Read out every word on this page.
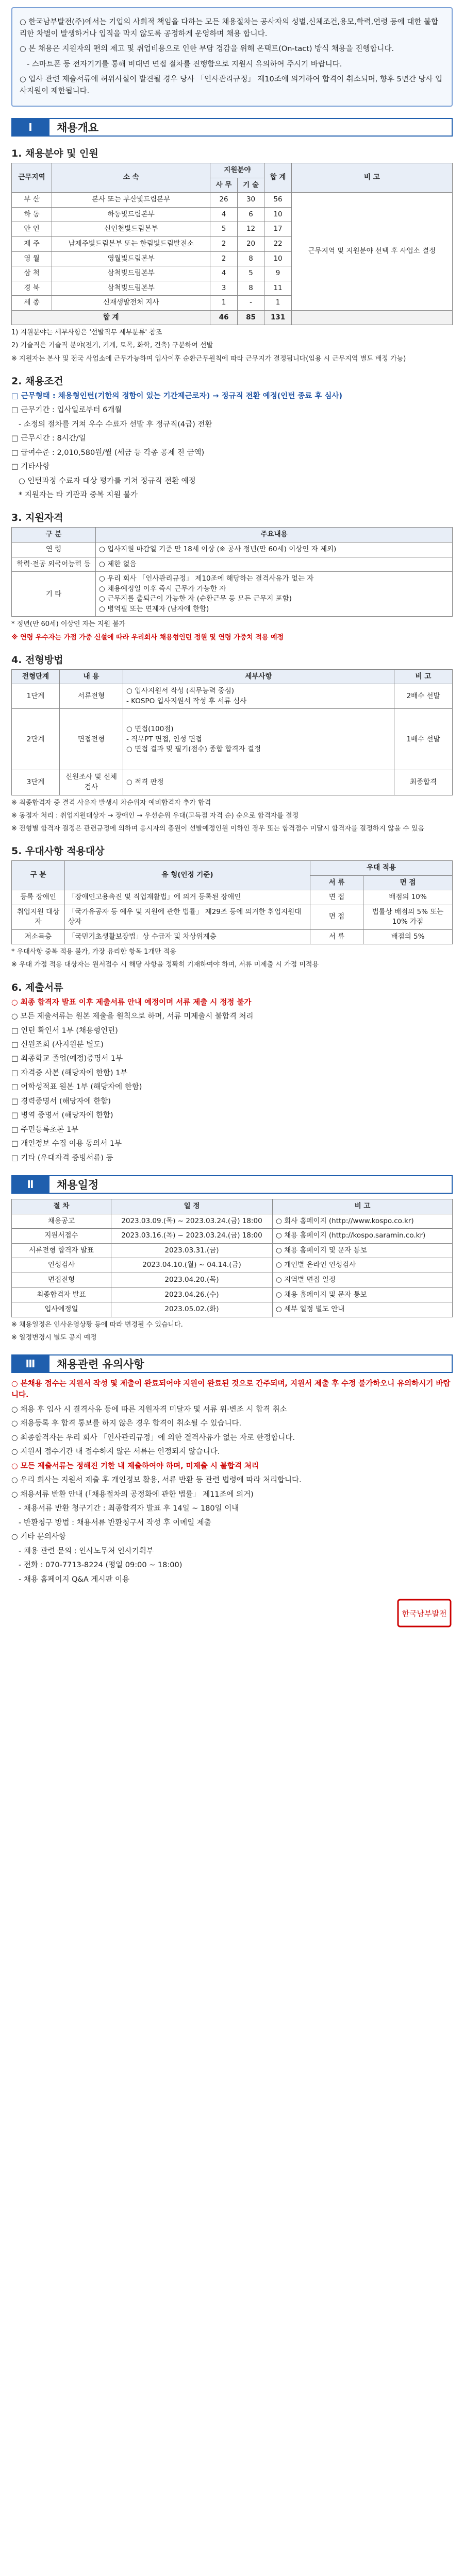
○ 한국남부발전(주)에서는 기업의 사회적 책임을 다하는 모든 채용절차는 공사자의 성별,신체조건,용모,학력,연령 등에 대한 불합리한 차별이 발생하거나 입직을 막지 않도록 공정하게 운영하며 채용 합니다.

○ 본 채용은 지원자의 편의 제고 및 취업비용으로 인한 부담 경감을 위해 온택트(On-tact) 방식 채용을 진행합니다.

- 스마트폰 등 전자기기를 통해 비대면 면접 절차를 진행함으로 지원시 유의하여 주시기 바랍니다.

○ 입사 관련 제출서류에 허위사실이 발견될 경우 당사 「인사관리규정」 제10조에 의거하여 합격이 취소되며, 향후 5년간 당사 입사지원이 제한됩니다.

Ⅰ	채용개요
1. 채용분야 및 인원
근무지역	소 속	지원분야		합 계	비 고
		사 무	기 술		
부 산	본사 또는 부산빛드림본부	26	30	56	근무지역 및 지원분야 선택 후 사업소 결정
하 동	하동빛드림본부	4	6	10	
안 인	신인천빛드림본부	5	12	17	
제 주	남제주빛드림본부 또는 한림빛드림발전소	2	20	22	
영 월	영월빛드림본부	2	8	10	
삼 척	삼척빛드림본부	4	5	9	
경 북	삼척빛드림본부	3	8	11	
세 종	신재생발전처 지사	1	-	1	
합 계		46	85	131	

1) 지원분야는 세부사항은 '선발직무 세부분류' 참조

2) 기술직은 기술직 분야(전기, 기계, 토목, 화학, 건축) 구분하여 선발

※ 지원자는 본사 및 전국 사업소에 근무가능하며 입사이후 순환근무원칙에 따라 근무지가 결정됩니다(임용 시 근무지역 별도 배정 가능)

2. 채용조건

□ 근무형태 : 채용형인턴(기한의 정함이 있는 기간제근로자) → 정규직 전환 예정(인턴 종료 후 심사)

□ 근무기간 : 입사일로부터 6개월

- 소정의 절차를 거쳐 우수 수료자 선발 후 정규직(4급) 전환

□ 근무시간 : 8시간/일

□ 급여수준 : 2,010,580원/월 (세금 등 각종 공제 전 금액)

□ 기타사항

○ 인턴과정 수료자 대상 평가를 거쳐 정규직 전환 예정

* 지원자는 타 기관과 중복 지원 불가

3. 지원자격
구 분	주요내용
연 령	○ 입사지원 마감일 기준 만 18세 이상 (※ 공사 정년(만 60세) 이상인 자 제외)
학력·전공 외국어능력 등	○ 제한 없음
기 타	○ 우리 회사 「인사관리규정」 제10조에 해당하는 결격사유가 없는 자
○ 채용예정일 이후 즉시 근무가 가능한 자
○ 근무지를 출퇴근이 가능한 자 (순환근무 등 모든 근무지 포함)
○ 병역필 또는 면제자 (남자에 한함)

* 정년(만 60세) 이상인 자는 지원 불가

※ 연령 우수자는 가점 가중 신설에 따라 우리회사 채용형인턴 정원 및 연령 가중치 적용 예정

4. 전형방법
전형단계	내 용	세부사항	비 고
1단계	서류전형	○ 입사지원서 작성 (직무능력 중심)
- KOSPO 입사지원서 작성 후 서류 심사	2배수 선발
2단계	면접전형	○ 면접(100점)
- 직무PT 면접, 인성 면접
○ 면접 결과 및 필기(점수) 종합 합격자 결정	1배수 선발
3단계	신원조사 및 신체검사	○ 적격 판정	최종합격

※ 최종합격자 중 결격 사유자 발생시 차순위자 예비합격자 추가 합격

※ 동점자 처리 : 취업지원대상자 → 장애인 → 우선순위 우대(고득점 자격 순) 순으로 합격자를 결정

※ 전형별 합격자 결정은 관련규정에 의하며 응시자의 총원이 선발예정인원 이하인 경우 또는 합격점수 미달시 합격자를 결정하지 않을 수 있음

5. 우대사항 적용대상
구 분	유 형(인정 기준)	우대 적용	
		서 류	면 접
등록 장애인	「장애인고용촉진 및 직업재활법」에 의거 등록된 장애인	면 접	배점의 10%
취업지원 대상자	「국가유공자 등 예우 및 지원에 관한 법률」 제29조 등에 의거한 취업지원대상자	면 접	법률상 배점의 5% 또는 10% 가점
저소득층	「국민기초생활보장법」상 수급자 및 차상위계층	서 류	배점의 5%

* 우대사항 중복 적용 불가, 가장 유리한 항목 1개만 적용

※ 우대 가점 적용 대상자는 원서접수 시 해당 사항을 정확히 기재하여야 하며, 서류 미제출 시 가점 미적용

6. 제출서류

○ 최종 합격자 발표 이후 제출서류 안내 예정이며 서류 제출 시 정정 불가

○ 모든 제출서류는 원본 제출을 원칙으로 하며, 서류 미제출시 불합격 처리

□ 인턴 확인서 1부 (채용형인턴)

□ 신원조회 (사지원분 별도)

□ 최종학교 졸업(예정)증명서 1부

□ 자격증 사본 (해당자에 한함) 1부

□ 어학성적표 원본 1부 (해당자에 한함)

□ 경력증명서 (해당자에 한함)

□ 병역 증명서 (해당자에 한함)

□ 주민등록초본 1부

□ 개인정보 수집 이용 동의서 1부

□ 기타 (우대자격 증빙서류) 등

Ⅱ	채용일정
절 차	일 정	비 고
채용공고	2023.03.09.(목) ~ 2023.03.24.(금) 18:00	○ 회사 홈페이지 (http://www.kospo.co.kr)
지원서접수	2023.03.16.(목) ~ 2023.03.24.(금) 18:00	○ 채용 홈페이지 (http://kospo.saramin.co.kr)
서류전형 합격자 발표	2023.03.31.(금)	○ 채용 홈페이지 및 문자 통보
인성검사	2023.04.10.(월) ~ 04.14.(금)	○ 개인별 온라인 인성검사
면접전형	2023.04.20.(목)	○ 지역별 면접 일정
최종합격자 발표	2023.04.26.(수)	○ 채용 홈페이지 및 문자 통보
입사예정일	2023.05.02.(화)	○ 세부 일정 별도 안내

※ 채용일정은 인사운영상황 등에 따라 변경될 수 있습니다.

※ 일정변경시 별도 공지 예정

Ⅲ	채용관련 유의사항

○ 본채용 접수는 지원서 작성 및 제출이 완료되어야 지원이 완료된 것으로 간주되며, 지원서 제출 후 수정 불가하오니 유의하시기 바랍니다.

○ 채용 후 입사 시 결격사유 등에 따른 지원자격 미달자 및 서류 위·변조 시 합격 취소

○ 채용등록 후 합격 통보를 하지 않은 경우 합격이 취소될 수 있습니다.

○ 최종합격자는 우리 회사 「인사관리규정」에 의한 결격사유가 없는 자로 한정합니다.

○ 지원서 접수기간 내 접수하지 않은 서류는 인정되지 않습니다.

○ 모든 제출서류는 정해진 기한 내 제출하여야 하며, 미제출 시 불합격 처리

○ 우리 회사는 지원서 제출 후 개인정보 활용, 서류 반환 등 관련 법령에 따라 처리합니다.

○ 채용서류 반환 안내 (「채용절차의 공정화에 관한 법률」 제11조에 의거)

- 채용서류 반환 청구기간 : 최종합격자 발표 후 14일 ~ 180일 이내

- 반환청구 방법 : 채용서류 반환청구서 작성 후 이메일 제출

○ 기타 문의사항

- 채용 관련 문의 : 인사노무처 인사기획부

- 전화 : 070-7713-8224 (평일 09:00 ~ 18:00)

- 채용 홈페이지 Q&A 게시판 이용

한국남부발전
